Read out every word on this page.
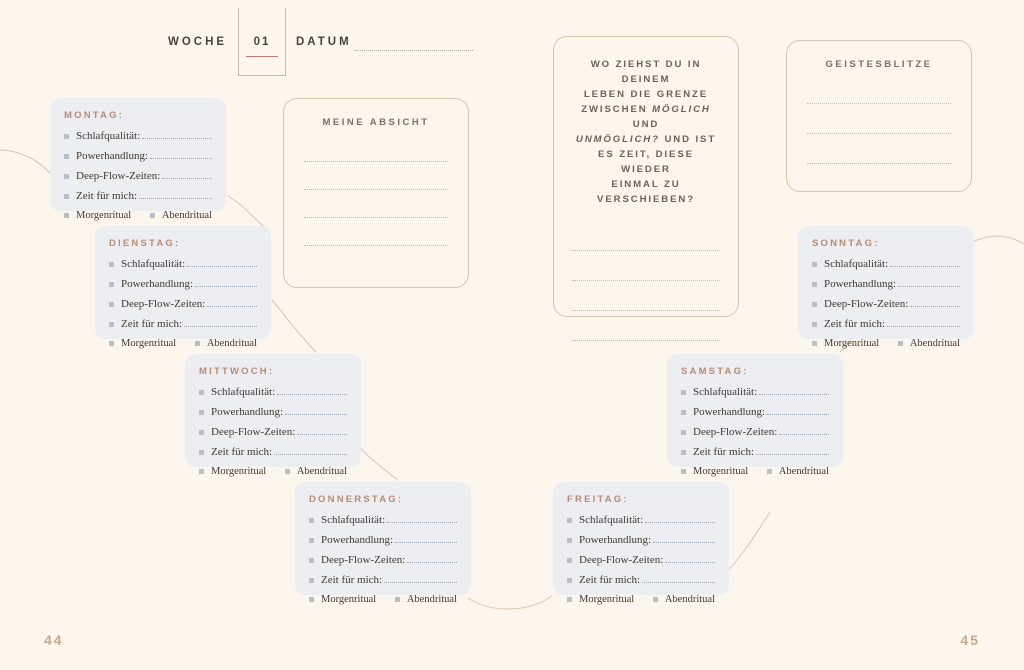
WOCHE	01	DATUM
MONTAG:
Schlafqualität:
Powerhandlung:
Deep-Flow-Zeiten:
Zeit für mich:
Morgenritual	Abendritual
DIENSTAG:
Schlafqualität:
Powerhandlung:
Deep-Flow-Zeiten:
Zeit für mich:
Morgenritual	Abendritual
MITTWOCH:
Schlafqualität:
Powerhandlung:
Deep-Flow-Zeiten:
Zeit für mich:
Morgenritual	Abendritual
DONNERSTAG:
Schlafqualität:
Powerhandlung:
Deep-Flow-Zeiten:
Zeit für mich:
Morgenritual	Abendritual
FREITAG:
Schlafqualität:
Powerhandlung:
Deep-Flow-Zeiten:
Zeit für mich:
Morgenritual	Abendritual
SAMSTAG:
Schlafqualität:
Powerhandlung:
Deep-Flow-Zeiten:
Zeit für mich:
Morgenritual	Abendritual
SONNTAG:
Schlafqualität:
Powerhandlung:
Deep-Flow-Zeiten:
Zeit für mich:
Morgenritual	Abendritual
MEINE ABSICHT
WO ZIEHST DU IN DEINEM
LEBEN DIE GRENZE
ZWISCHEN MÖGLICH UND
UNMÖGLICH? UND IST
ES ZEIT, DIESE WIEDER
EINMAL ZU VERSCHIEBEN?
GEISTESBLITZE
44	45
